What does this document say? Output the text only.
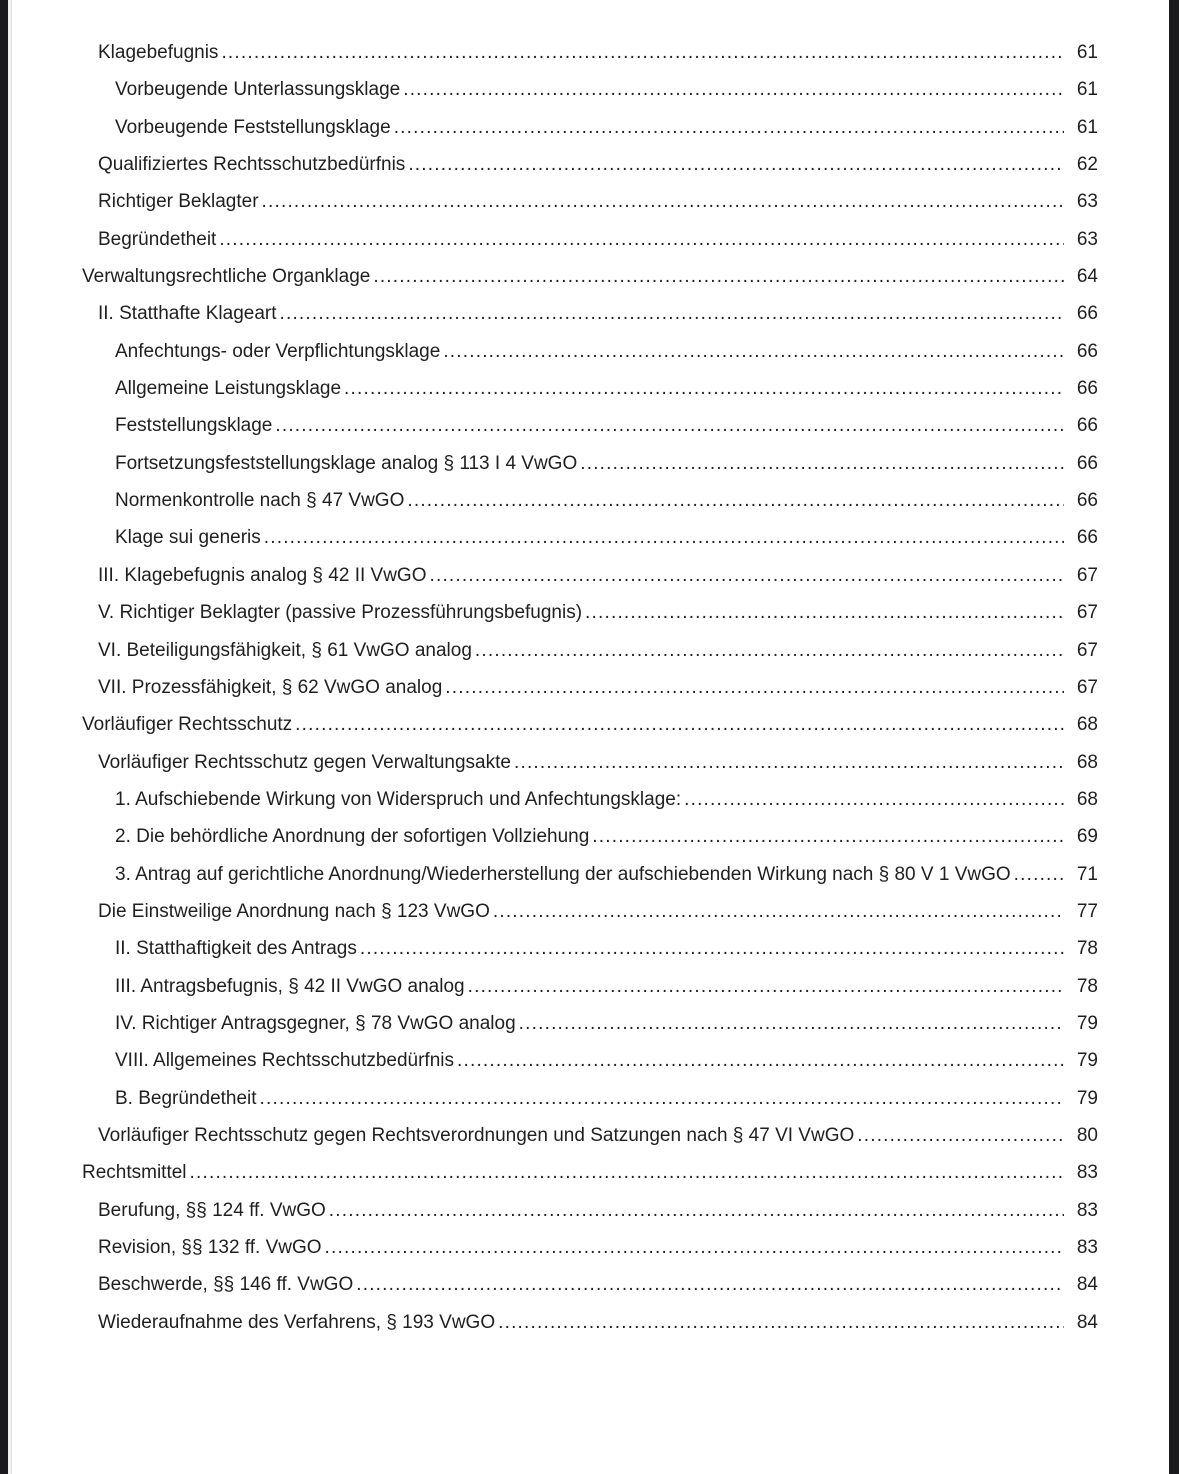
Klagebefugnis .....	61
Vorbeugende Unterlassungsklage .....	61
Vorbeugende Feststellungsklage .....	61
Qualifiziertes Rechtsschutzbedürfnis .....	62
Richtiger Beklagter .....	63
Begründetheit .....	63
Verwaltungsrechtliche Organklage .....	64
II. Statthafte Klageart .....	66
Anfechtungs- oder Verpflichtungsklage .....	66
Allgemeine Leistungsklage .....	66
Feststellungsklage .....	66
Fortsetzungsfeststellungsklage analog § 113 I 4 VwGO .....	66
Normenkontrolle nach § 47 VwGO .....	66
Klage sui generis .....	66
III. Klagebefugnis analog § 42 II VwGO .....	67
V. Richtiger Beklagter (passive Prozessführungsbefugnis) .....	67
VI. Beteiligungsfähigkeit, § 61 VwGO analog .....	67
VII. Prozessfähigkeit, § 62 VwGO analog .....	67
Vorläufiger Rechtsschutz .....	68
Vorläufiger Rechtsschutz gegen Verwaltungsakte .....	68
1. Aufschiebende Wirkung von Widerspruch und Anfechtungsklage: .....	68
2. Die behördliche Anordnung der sofortigen Vollziehung .....	69
3. Antrag auf gerichtliche Anordnung/Wiederherstellung der aufschiebenden Wirkung nach § 80 V 1 VwGO .....	71
Die Einstweilige Anordnung nach § 123 VwGO .....	77
II. Statthaftigkeit des Antrags .....	78
III. Antragsbefugnis, § 42 II VwGO analog .....	78
IV. Richtiger Antragsgegner, § 78 VwGO analog .....	79
VIII. Allgemeines Rechtsschutzbedürfnis .....	79
B. Begründetheit .....	79
Vorläufiger Rechtsschutz gegen Rechtsverordnungen und Satzungen nach § 47 VI VwGO .....	80
Rechtsmittel .....	83
Berufung, §§ 124 ff. VwGO .....	83
Revision, §§ 132 ff. VwGO .....	83
Beschwerde, §§ 146 ff. VwGO .....	84
Wiederaufnahme des Verfahrens, § 193 VwGO .....	84
